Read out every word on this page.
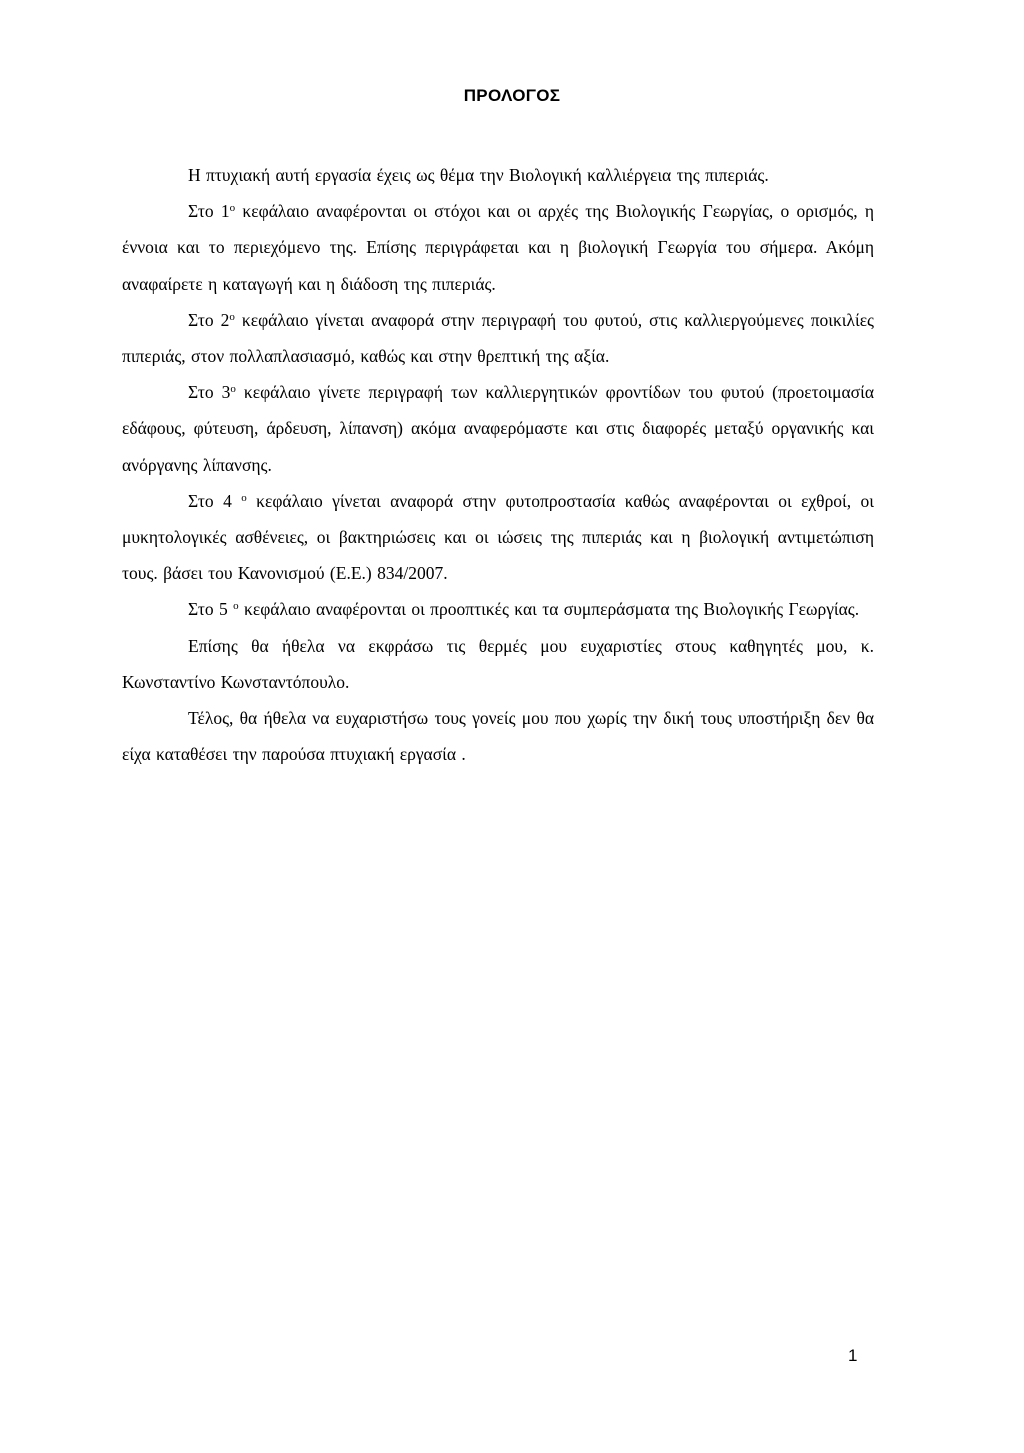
ΠΡΟΛΟΓΟΣ

Η πτυχιακή αυτή εργασία έχεις ως θέμα την Βιολογική καλλιέργεια της πιπεριάς.

Στο $1^o$ κεφάλαιο αναφέρονται οι στόχοι και οι αρχές της Βιολογικής Γεωργίας, ο ορισμός, η έννοια και το περιεχόμενο της. Επίσης περιγράφεται και η βιολογική Γεωργία του σήμερα. Ακόμη αναφαίρετε η καταγωγή και η διάδοση της πιπεριάς.

Στο $2^o$ κεφάλαιο γίνεται αναφορά στην περιγραφή του φυτού, στις καλλιεργούμενες ποικιλίες πιπεριάς, στον πολλαπλασιασμό, καθώς και στην θρεπτική της αξία.

Στο $3^o$ κεφάλαιο γίνετε περιγραφή των καλλιεργητικών φροντίδων του φυτού (προετοιμασία εδάφους, φύτευση, άρδευση, λίπανση) ακόμα αναφερόμαστε και στις διαφορές μεταξύ οργανικής και ανόργανης λίπανσης.

Στο 4 $^o$ κεφάλαιο γίνεται αναφορά στην φυτοπροστασία καθώς αναφέρονται οι εχθροί, οι μυκητολογικές ασθένειες, οι βακτηριώσεις και οι ιώσεις της πιπεριάς και η βιολογική αντιμετώπιση τους. βάσει του Κανονισμού (Ε.Ε.) 834/2007.

Στο 5 $^o$ κεφάλαιο αναφέρονται οι προοπτικές και τα συμπεράσματα της Βιολογικής Γεωργίας.

Επίσης θα ήθελα να εκφράσω τις θερμές μου ευχαριστίες στους καθηγητές μου, κ. Κωνσταντίνο Κωνσταντόπουλο.

Τέλος, θα ήθελα να ευχαριστήσω τους γονείς μου που χωρίς την δική τους υποστήριξη δεν θα είχα καταθέσει την παρούσα πτυχιακή εργασία .

1
